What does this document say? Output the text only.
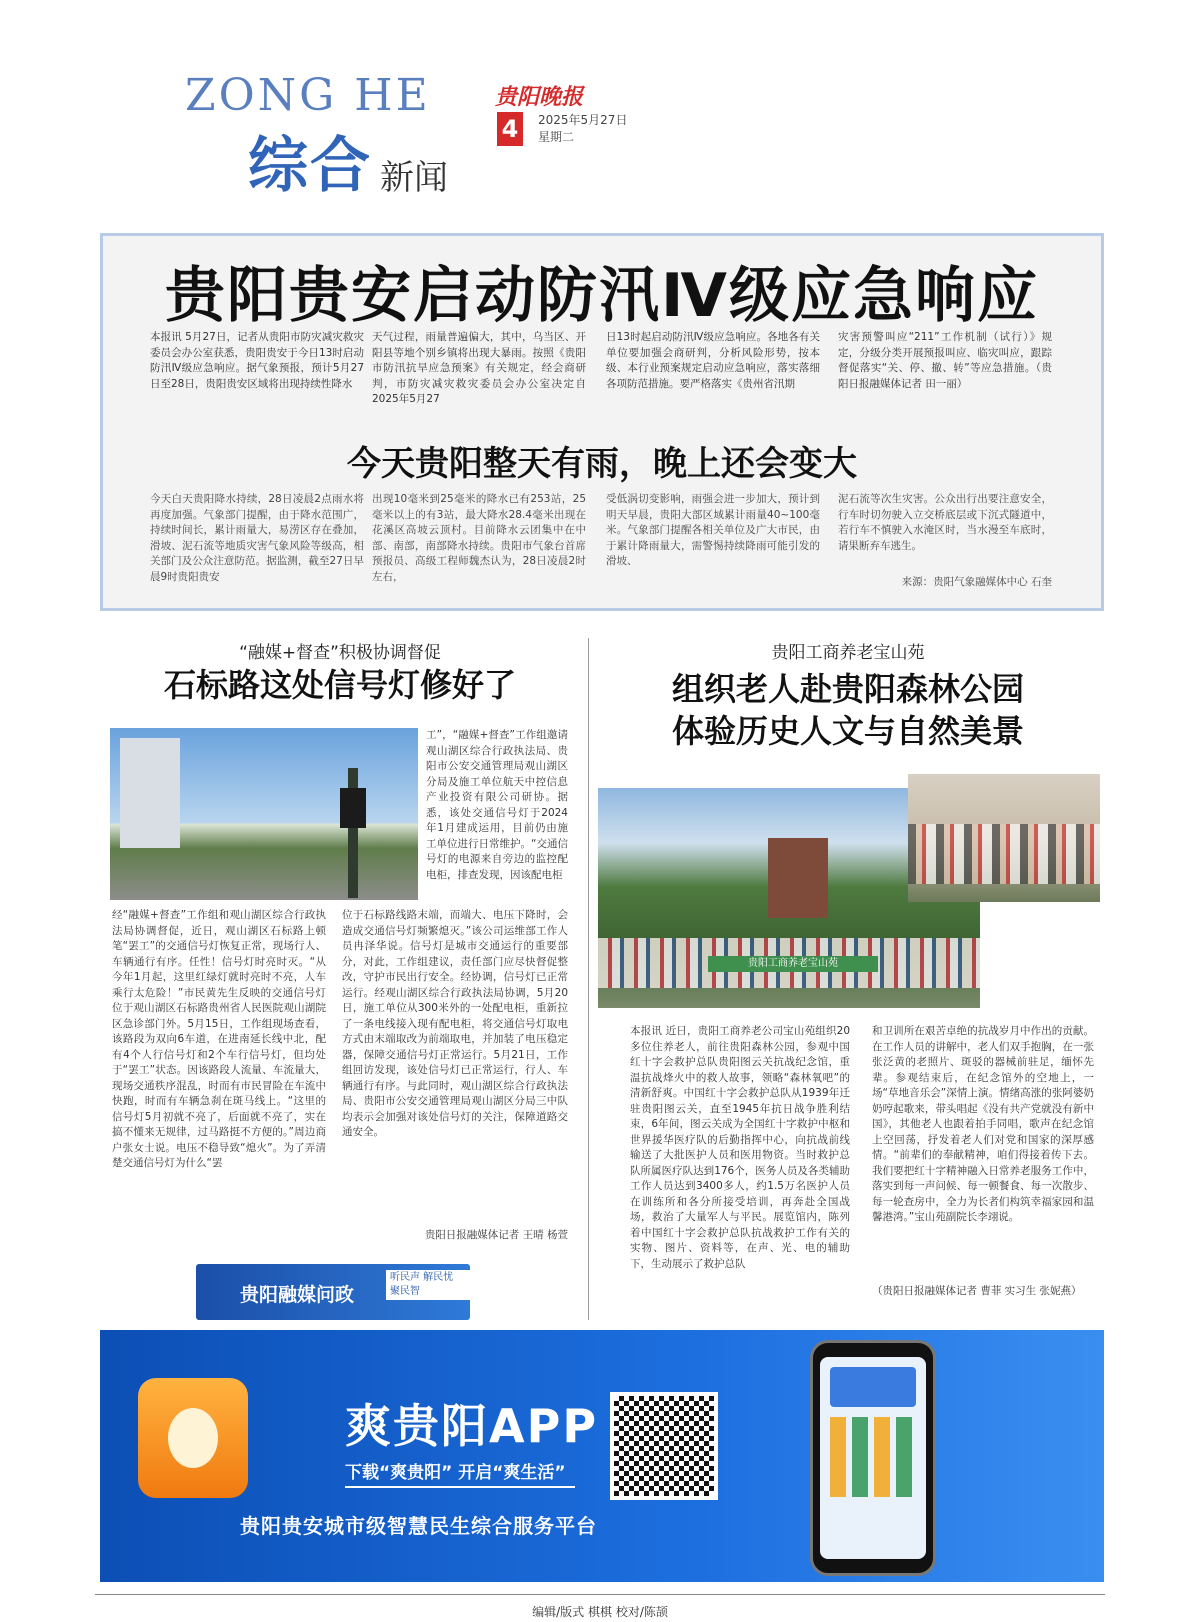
ZONG HE
综合 新闻
贵阳晚报
4	2025年5月27日
星期二
贵阳贵安启动防汛Ⅳ级应急响应
本报讯 5月27日，记者从贵阳市防灾减灾救灾委员会办公室获悉，贵阳贵安于今日13时启动防汛Ⅳ级应急响应。据气象预报，预计5月27日至28日，贵阳贵安区域将出现持续性降水
天气过程，雨量普遍偏大，其中，乌当区、开阳县等地个别乡镇将出现大暴雨。按照《贵阳市防汛抗旱应急预案》有关规定，经会商研判，市防灾减灾救灾委员会办公室决定自2025年5月27
日13时起启动防汛Ⅳ级应急响应。各地各有关单位要加强会商研判，分析风险形势，按本级、本行业预案规定启动应急响应，落实落细各项防范措施。要严格落实《贵州省汛期
灾害预警叫应“211”工作机制（试行）》规定，分级分类开展预报叫应、临灾叫应，跟踪督促落实“关、停、撤、转”等应急措施。（贵阳日报融媒体记者 田一丽）
今天贵阳整天有雨，晚上还会变大
今天白天贵阳降水持续，28日凌晨2点雨水将再度加强。气象部门提醒，由于降水范围广，持续时间长，累计雨量大，易涝区存在叠加，滑坡、泥石流等地质灾害气象风险等级高，相关部门及公众注意防范。据监测，截至27日早晨9时贵阳贵安
出现10毫米到25毫米的降水已有253站，25毫米以上的有3站，最大降水28.4毫米出现在花溪区高坡云顶村。目前降水云团集中在中部、南部，南部降水持续。贵阳市气象台首席预报员、高级工程师魏杰认为，28日凌晨2时左右，
受低涡切变影响，雨强会进一步加大，预计到明天早晨，贵阳大部区域累计雨量40~100毫米。气象部门提醒各相关单位及广大市民，由于累计降雨量大，需警惕持续降雨可能引发的滑坡、
泥石流等次生灾害。公众出行出要注意安全，行车时切勿驶入立交桥底层或下沉式隧道中，若行车不慎驶入水淹区时，当水漫至车底时，请果断弃车逃生。
来源：贵阳气象融媒体中心 石奎
“融媒+督查”积极协调督促
石标路这处信号灯修好了
工”，“融媒+督查”工作组邀请观山湖区综合行政执法局、贵阳市公安交通管理局观山湖区分局及施工单位航天中控信息产业投资有限公司研协。据悉，该处交通信号灯于2024年1月建成运用，目前仍由施工单位进行日常维护。“交通信号灯的电源来自旁边的监控配电柜，排查发现，因该配电柜
经“融媒+督查”工作组和观山湖区综合行政执法局协调督促，近日，观山湖区石标路上顿笔“罢工”的交通信号灯恢复正常，现场行人、车辆通行有序。任性！信号灯时亮时灭。“从今年1月起，这里红绿灯就时亮时不亮，人车乘行太危险！”市民黄先生反映的交通信号灯位于观山湖区石标路贵州省人民医院观山湖院区急诊部门外。5月15日，工作组现场查看，该路段为双向6车道，在进南延长线中北，配有4个人行信号灯和2个车行信号灯，但均处于“罢工”状态。因该路段人流量、车流量大，现场交通秩序混乱，时而有市民冒险在车流中快跑，时而有车辆急刹在斑马线上。“这里的信号灯5月初就不亮了，后面就不亮了，实在搞不懂来无规律，过马路挺不方便的。”周边商户张女士说。电压不稳导致“熄火”。为了弄清楚交通信号灯为什么“罢
位于石标路线路末端，而端大、电压下降时，会造成交通信号灯频繁熄灭。”该公司运维部工作人员冉泽华说。信号灯是城市交通运行的重要部分，对此，工作组建议，责任部门应尽快督促整改，守护市民出行安全。经协调，信号灯已正常运行。经观山湖区综合行政执法局协调，5月20日，施工单位从300米外的一处配电柜，重新拉了一条电线接入现有配电柜，将交通信号灯取电方式由末端取改为前端取电，并加装了电压稳定器，保障交通信号灯正常运行。5月21日，工作组回访发现，该处信号灯已正常运行，行人、车辆通行有序。与此同时，观山湖区综合行政执法局、贵阳市公安交通管理局观山湖区分局三中队均表示会加强对该处信号灯的关注，保障道路交通安全。
贵阳日报融媒体记者 王晴 杨萱
贵阳融媒问政
听民声 解民忧 聚民智
贵阳工商养老宝山苑
组织老人赴贵阳森林公园
体验历史人文与自然美景
贵阳工商养老宝山苑
本报讯 近日，贵阳工商养老公司宝山苑组织20多位住养老人，前往贵阳森林公园，参观中国红十字会救护总队贵阳图云关抗战纪念馆，重温抗战烽火中的救人故事，领略“森林氧吧”的清新舒爽。中国红十字会救护总队从1939年迁驻贵阳图云关，直至1945年抗日战争胜利结束，6年间，图云关成为全国红十字救护中枢和世界援华医疗队的后勤指挥中心，向抗战前线输送了大批医护人员和医用物资。当时救护总队所属医疗队达到176个，医务人员及各类辅助工作人员达到3400多人，约1.5万名医护人员在训练所和各分所接受培训，再奔赴全国战场，救治了大量军人与平民。展览馆内，陈列着中国红十字会救护总队抗战救护工作有关的实物、图片、资料等，在声、光、电的辅助下，生动展示了救护总队
和卫训所在艰苦卓绝的抗战岁月中作出的贡献。在工作人员的讲解中，老人们双手抱胸，在一张张泛黄的老照片、斑驳的器械前驻足，缅怀先辈。参观结束后，在纪念馆外的空地上，一场“草地音乐会”深情上演。情绪高涨的张阿婆奶奶哼起歌来，带头唱起《没有共产党就没有新中国》，其他老人也跟着拍手同唱，歌声在纪念馆上空回荡，抒发着老人们对党和国家的深厚感情。“前辈们的奉献精神，咱们得接着传下去。我们要把红十字精神融入日常养老服务工作中，落实到每一声问候、每一顿餐食、每一次散步、每一轮查房中，全力为长者们构筑幸福家园和温馨港湾。”宝山苑副院长李翊说。
（贵阳日报融媒体记者 曹菲 实习生 张妮燕）
爽贵阳APP
下载“爽贵阳” 开启“爽生活”
贵阳贵安城市级智慧民生综合服务平台
编辑/版式 棋棋 校对/陈颉
